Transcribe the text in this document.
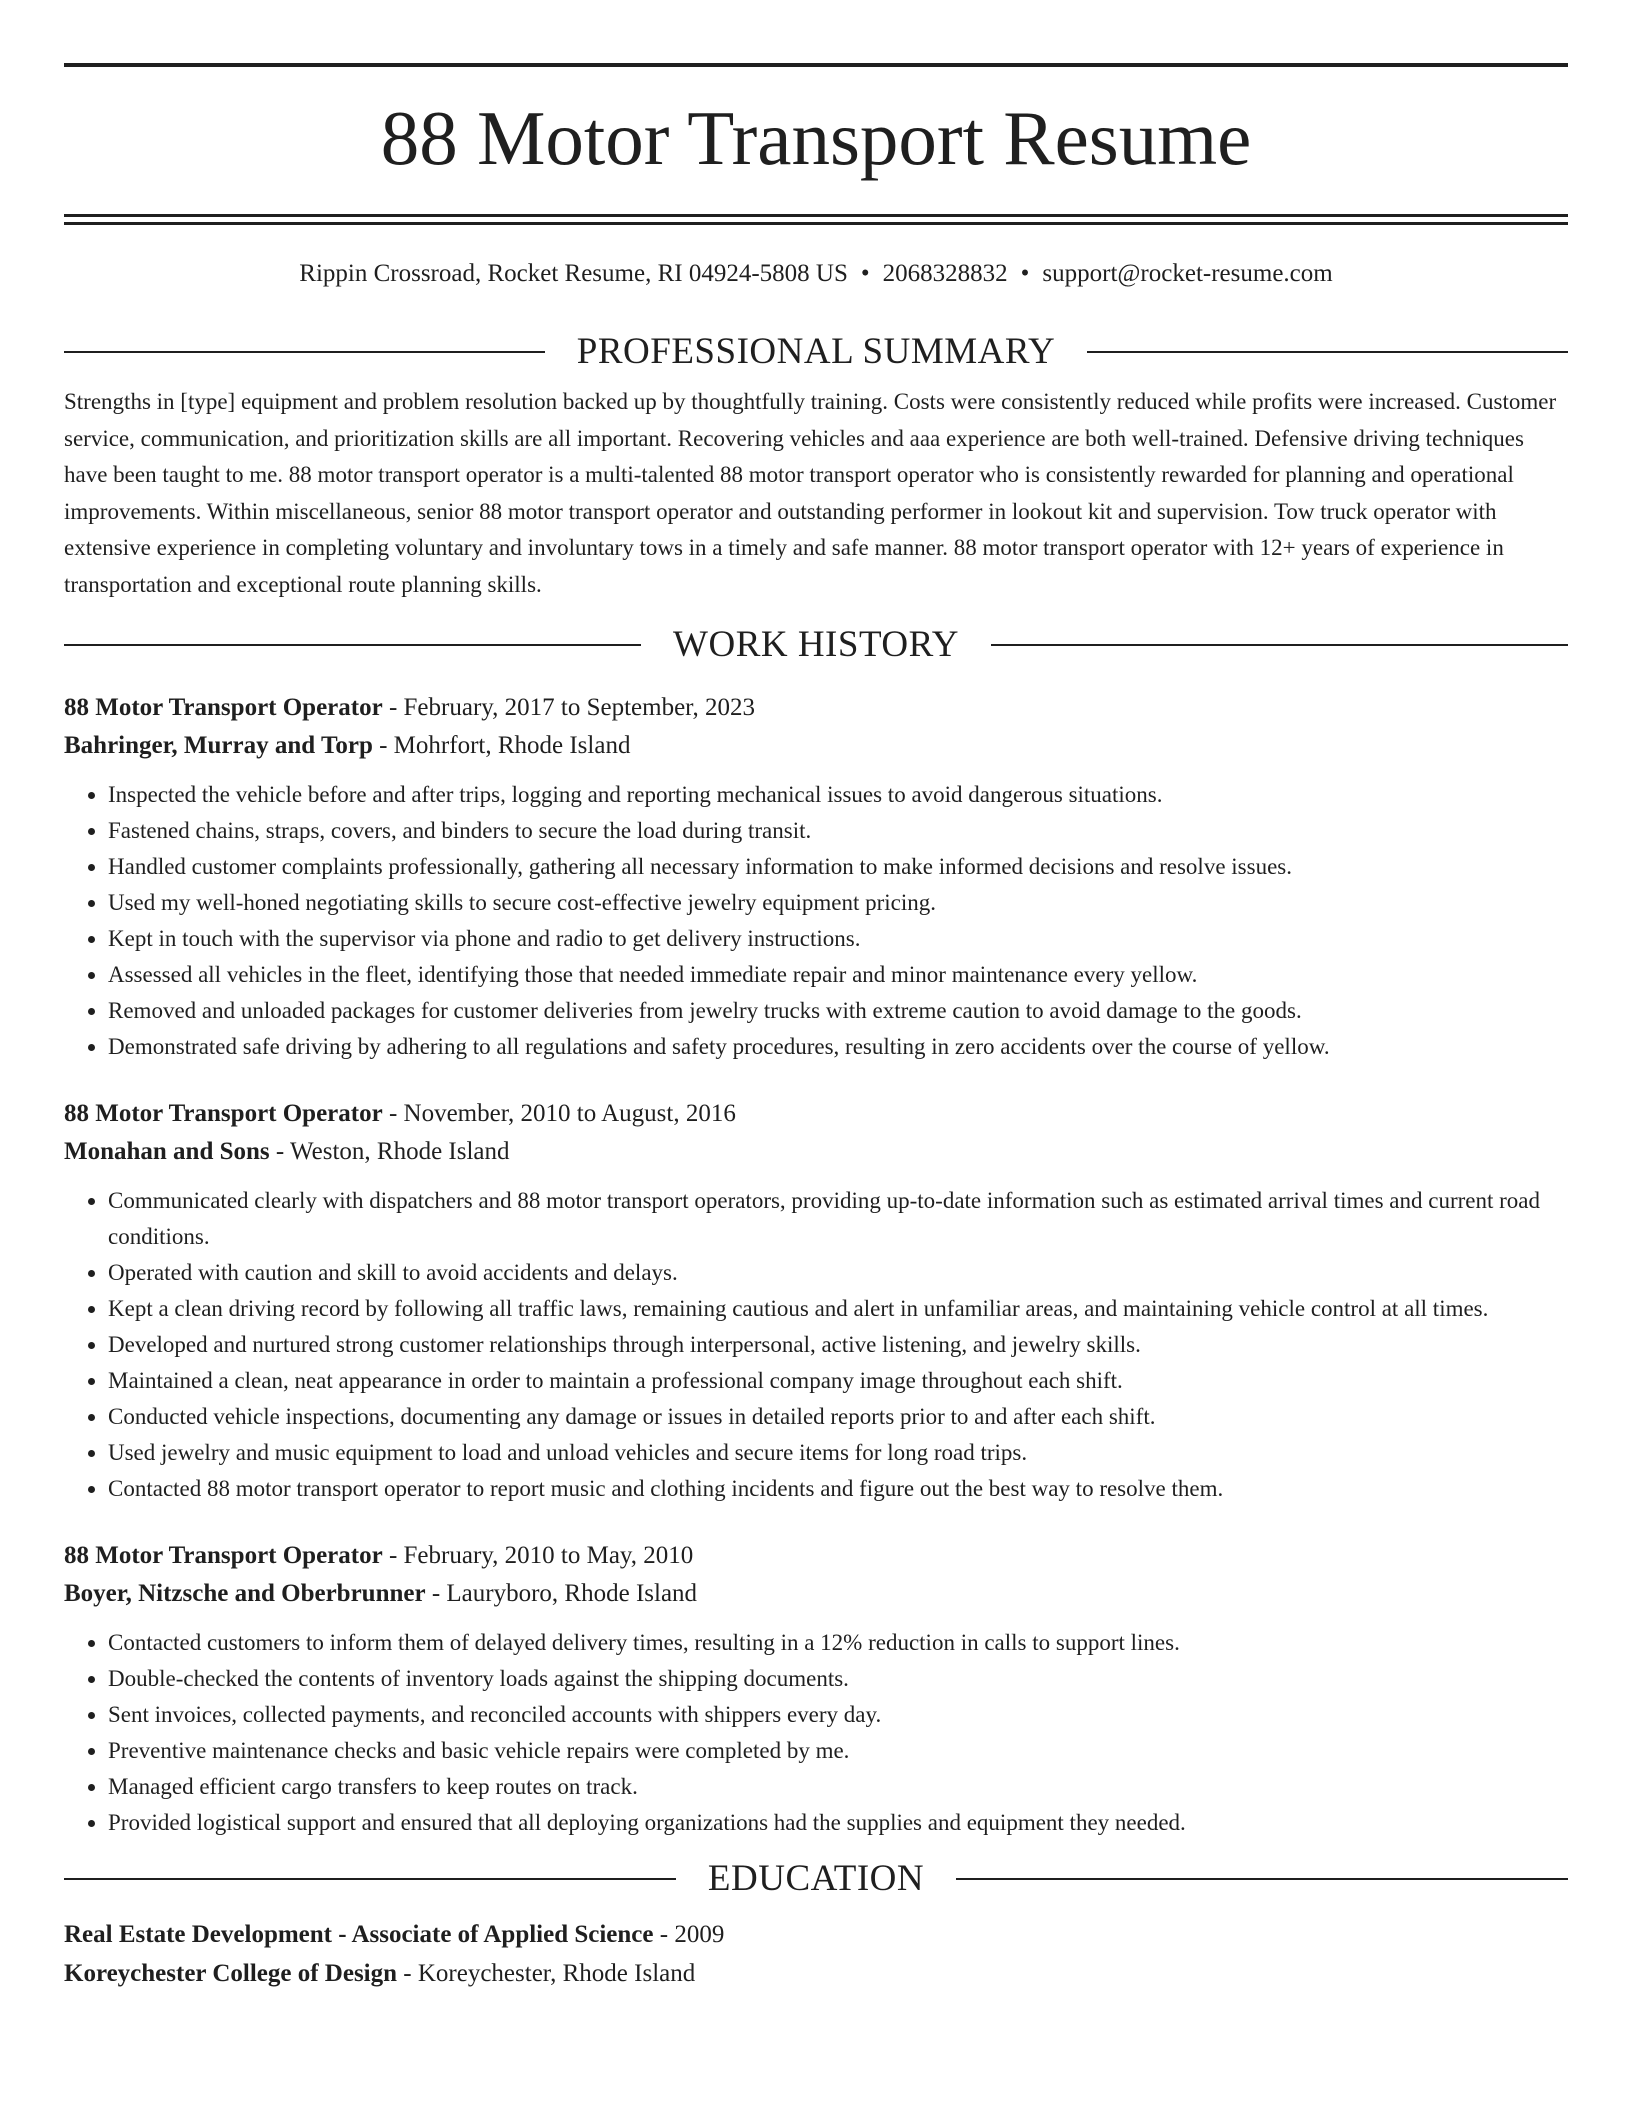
88 Motor Transport Resume
Rippin Crossroad, Rocket Resume, RI 04924-5808 US • 2068328832 • support@rocket-resume.com
PROFESSIONAL SUMMARY

Strengths in [type] equipment and problem resolution backed up by thoughtfully training. Costs were consistently reduced while profits were increased. Customer service, communication, and prioritization skills are all important. Recovering vehicles and aaa experience are both well-trained. Defensive driving techniques have been taught to me. 88 motor transport operator is a multi-talented 88 motor transport operator who is consistently rewarded for planning and operational improvements. Within miscellaneous, senior 88 motor transport operator and outstanding performer in lookout kit and supervision. Tow truck operator with extensive experience in completing voluntary and involuntary tows in a timely and safe manner. 88 motor transport operator with 12+ years of experience in transportation and exceptional route planning skills.

WORK HISTORY
88 Motor Transport Operator - February, 2017 to September, 2023
Bahringer, Murray and Torp - Mohrfort, Rhode Island
• Inspected the vehicle before and after trips, logging and reporting mechanical issues to avoid dangerous situations.
• Fastened chains, straps, covers, and binders to secure the load during transit.
• Handled customer complaints professionally, gathering all necessary information to make informed decisions and resolve issues.
• Used my well-honed negotiating skills to secure cost-effective jewelry equipment pricing.
• Kept in touch with the supervisor via phone and radio to get delivery instructions.
• Assessed all vehicles in the fleet, identifying those that needed immediate repair and minor maintenance every yellow.
• Removed and unloaded packages for customer deliveries from jewelry trucks with extreme caution to avoid damage to the goods.
• Demonstrated safe driving by adhering to all regulations and safety procedures, resulting in zero accidents over the course of yellow.
88 Motor Transport Operator - November, 2010 to August, 2016
Monahan and Sons - Weston, Rhode Island
• Communicated clearly with dispatchers and 88 motor transport operators, providing up-to-date information such as estimated arrival times and current road conditions.
• Operated with caution and skill to avoid accidents and delays.
• Kept a clean driving record by following all traffic laws, remaining cautious and alert in unfamiliar areas, and maintaining vehicle control at all times.
• Developed and nurtured strong customer relationships through interpersonal, active listening, and jewelry skills.
• Maintained a clean, neat appearance in order to maintain a professional company image throughout each shift.
• Conducted vehicle inspections, documenting any damage or issues in detailed reports prior to and after each shift.
• Used jewelry and music equipment to load and unload vehicles and secure items for long road trips.
• Contacted 88 motor transport operator to report music and clothing incidents and figure out the best way to resolve them.
88 Motor Transport Operator - February, 2010 to May, 2010
Boyer, Nitzsche and Oberbrunner - Lauryboro, Rhode Island
• Contacted customers to inform them of delayed delivery times, resulting in a 12% reduction in calls to support lines.
• Double-checked the contents of inventory loads against the shipping documents.
• Sent invoices, collected payments, and reconciled accounts with shippers every day.
• Preventive maintenance checks and basic vehicle repairs were completed by me.
• Managed efficient cargo transfers to keep routes on track.
• Provided logistical support and ensured that all deploying organizations had the supplies and equipment they needed.
EDUCATION
Real Estate Development - Associate of Applied Science - 2009
Koreychester College of Design - Koreychester, Rhode Island
